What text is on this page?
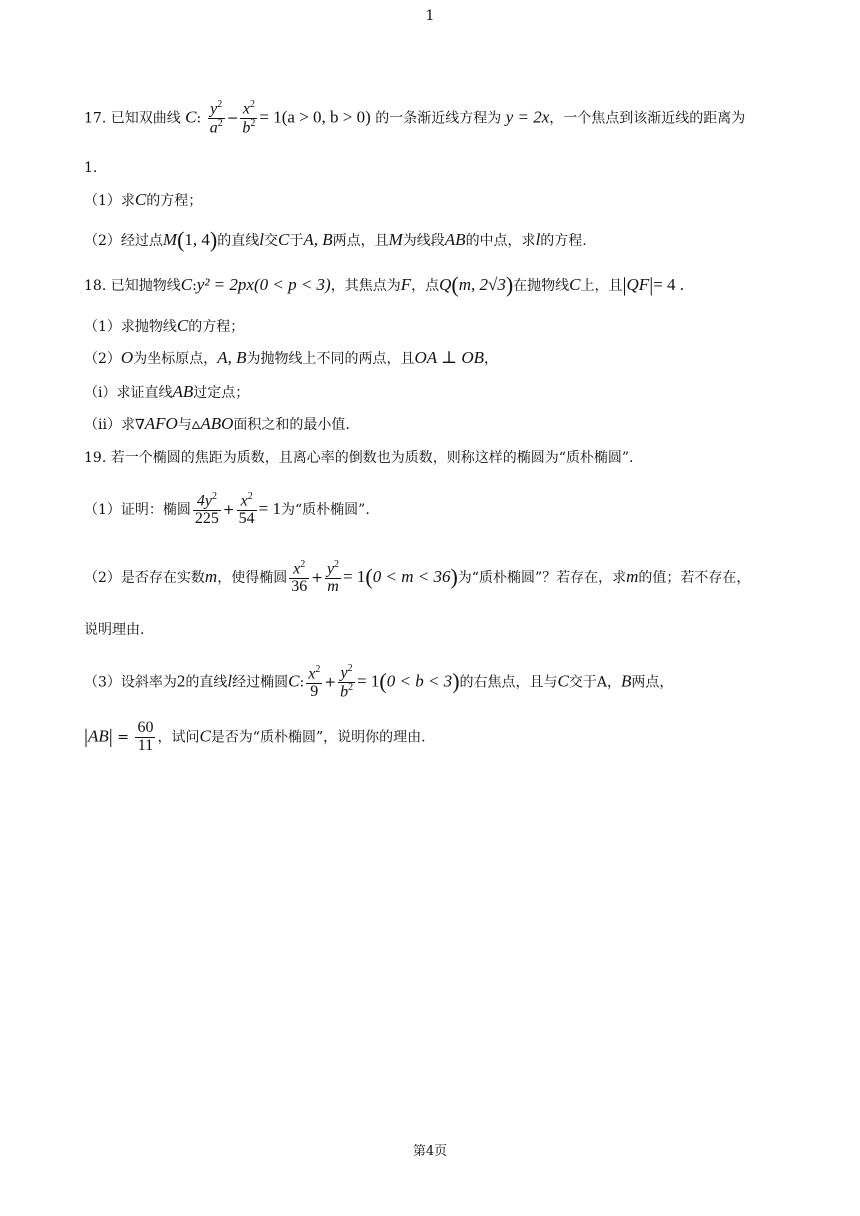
1
17. 已知双曲线 C: $\frac{y^2}{a^2} - \frac{x^2}{b^2} = 1(a > 0$, b > 0) 的一条渐近线方程为 y = 2x，一个焦点到该渐近线的距离为
1.
（1）求C的方程；
（2）经过点M(1, 4)的直线l交C于A, B两点，且M为线段AB的中点，求l的方程.
18. 已知抛物线C:y² = 2px(0 < p < 3)，其焦点为F，点Q(m, 2√3)在抛物线C上，且|QF|= 4 .
（1）求抛物线C的方程；
（2）O为坐标原点，A, B为抛物线上不同的两点，且OA ⊥ OB，
（i）求证直线AB过定点；
（ii）求∇AFO与▵ABO面积之和的最小值.
19. 若一个椭圆的焦距为质数，且离心率的倒数也为质数，则称这样的椭圆为“质朴椭圆”.
（1）证明：椭圆 $\frac{4y^2}{225} + \frac{x^2}{54} = 1$为“质朴椭圆”.
（2）是否存在实数m，使得椭圆 $\frac{x^2}{36} + \frac{y^2}{m} = 1(0 < m < 36)$为“质朴椭圆”？若存在，求m的值；若不存在，
说明理由.
（3）设斜率为2的直线l经过椭圆C: $\frac{x^2}{9} + \frac{y^2}{b^2} = 1(0 < b < 3)$的右焦点，且与C交于A，B两点，
$|AB| = \frac{60}{11}$ ，试问C是否为“质朴椭圆”，说明你的理由.
第4页
